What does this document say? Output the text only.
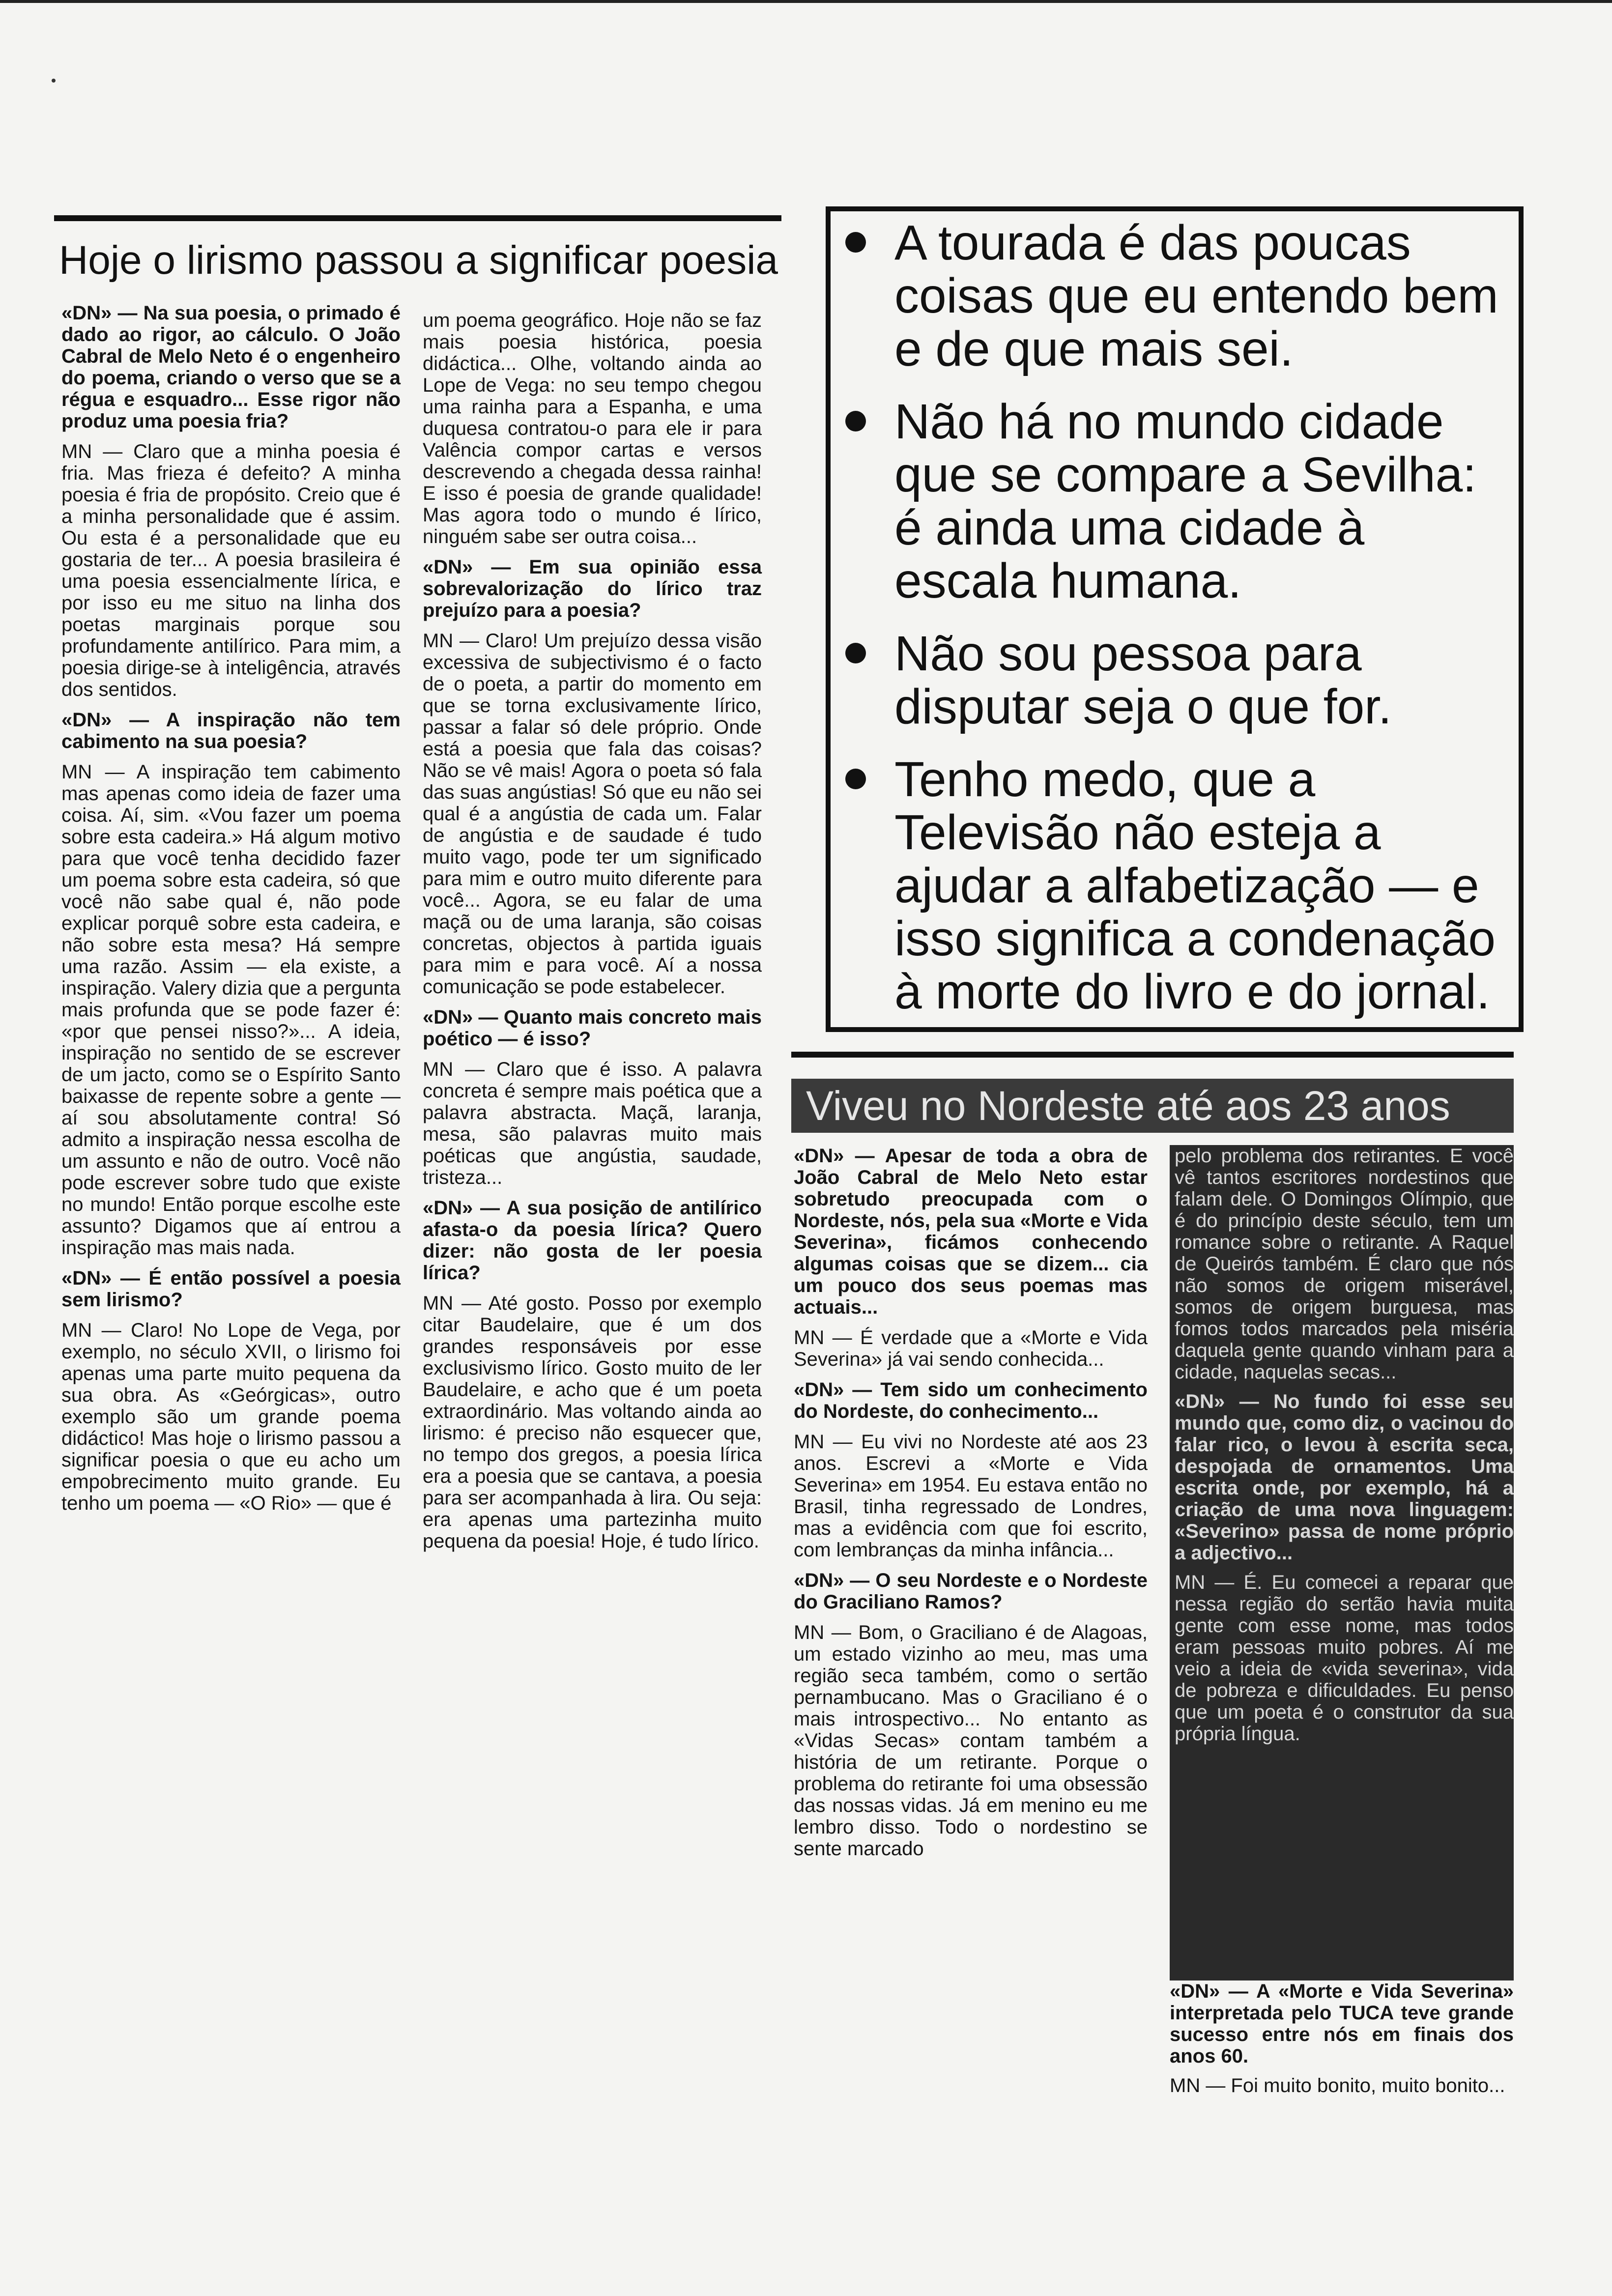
Hoje o lirismo passou a significar poesia

«DN» — Na sua poesia, o primado é dado ao rigor, ao cálculo. O João Cabral de Melo Neto é o engenheiro do poema, criando o verso que se a régua e esquadro... Esse rigor não produz uma poesia fria?

MN — Claro que a minha poesia é fria. Mas frieza é defeito? A minha poesia é fria de propósito. Creio que é a minha personalidade que é assim. Ou esta é a personalidade que eu gostaria de ter... A poesia brasileira é uma poesia essencialmente lírica, e por isso eu me situo na linha dos poetas marginais porque sou profundamente antilírico. Para mim, a poesia dirige-se à inteligência, através dos sentidos.

«DN» — A inspiração não tem cabimento na sua poesia?

MN — A inspiração tem cabimento mas apenas como ideia de fazer uma coisa. Aí, sim. «Vou fazer um poema sobre esta cadeira.» Há algum motivo para que você tenha decidido fazer um poema sobre esta cadeira, só que você não sabe qual é, não pode explicar porquê sobre esta cadeira, e não sobre esta mesa? Há sempre uma razão. Assim — ela existe, a inspiração. Valery dizia que a pergunta mais profunda que se pode fazer é: «por que pensei nisso?»... A ideia, inspiração no sentido de se escrever de um jacto, como se o Espírito Santo baixasse de repente sobre a gente — aí sou absolutamente contra! Só admito a inspiração nessa escolha de um assunto e não de outro. Você não pode escrever sobre tudo que existe no mundo! Então porque escolhe este assunto? Digamos que aí entrou a inspiração mas mais nada.

«DN» — É então possível a poesia sem lirismo?

MN — Claro! No Lope de Vega, por exemplo, no século XVII, o lirismo foi apenas uma parte muito pequena da sua obra. As «Geórgicas», outro exemplo são um grande poema didáctico! Mas hoje o lirismo passou a significar poesia o que eu acho um empobrecimento muito grande. Eu tenho um poema — «O Rio» — que é

um poema geográfico. Hoje não se faz mais poesia histórica, poesia didáctica... Olhe, voltando ainda ao Lope de Vega: no seu tempo chegou uma rainha para a Espanha, e uma duquesa contratou-o para ele ir para Valência compor cartas e versos descrevendo a chegada dessa rainha! E isso é poesia de grande qualidade! Mas agora todo o mundo é lírico, ninguém sabe ser outra coisa...

«DN» — Em sua opinião essa sobrevalorização do lírico traz prejuízo para a poesia?

MN — Claro! Um prejuízo dessa visão excessiva de subjectivismo é o facto de o poeta, a partir do momento em que se torna exclusivamente lírico, passar a falar só dele próprio. Onde está a poesia que fala das coisas? Não se vê mais! Agora o poeta só fala das suas angústias! Só que eu não sei qual é a angústia de cada um. Falar de angústia e de saudade é tudo muito vago, pode ter um significado para mim e outro muito diferente para você... Agora, se eu falar de uma maçã ou de uma laranja, são coisas concretas, objectos à partida iguais para mim e para você. Aí a nossa comunicação se pode estabelecer.

«DN» — Quanto mais concreto mais poético — é isso?

MN — Claro que é isso. A palavra concreta é sempre mais poética que a palavra abstracta. Maçã, laranja, mesa, são palavras muito mais poéticas que angústia, saudade, tristeza...

«DN» — A sua posição de antilírico afasta-o da poesia lírica? Quero dizer: não gosta de ler poesia lírica?

MN — Até gosto. Posso por exemplo citar Baudelaire, que é um dos grandes responsáveis por esse exclusivismo lírico. Gosto muito de ler Baudelaire, e acho que é um poeta extraordinário. Mas voltando ainda ao lirismo: é preciso não esquecer que, no tempo dos gregos, a poesia lírica era a poesia que se cantava, a poesia para ser acompanhada à lira. Ou seja: era apenas uma partezinha muito pequena da poesia! Hoje, é tudo lírico.

A tourada é das poucas coisas que eu entendo bem e de que mais sei.
Não há no mundo cidade que se compare a Sevilha: é ainda uma cidade à escala humana.
Não sou pessoa para disputar seja o que for.
Tenho medo, que a Televisão não esteja a ajudar a alfabetização — e isso significa a condenação à morte do livro e do jornal.
Viveu no Nordeste até aos 23 anos

«DN» — Apesar de toda a obra de João Cabral de Melo Neto estar sobretudo preocupada com o Nordeste, nós, pela sua «Morte e Vida Severina», ficámos conhecendo algumas coisas que se dizem... cia um pouco dos seus poemas mas actuais...

MN — É verdade que a «Morte e Vida Severina» já vai sendo conhecida...

«DN» — Tem sido um conhecimento do Nordeste, do conhecimento...

MN — Eu vivi no Nordeste até aos 23 anos. Escrevi a «Morte e Vida Severina» em 1954. Eu estava então no Brasil, tinha regressado de Londres, mas a evidência com que foi escrito, com lembranças da minha infância...

«DN» — O seu Nordeste e o Nordeste do Graciliano Ramos?

MN — Bom, o Graciliano é de Alagoas, um estado vizinho ao meu, mas uma região seca também, como o sertão pernambucano. Mas o Graciliano é o mais introspectivo... No entanto as «Vidas Secas» contam também a história de um retirante. Porque o problema do retirante foi uma obsessão das nossas vidas. Já em menino eu me lembro disso. Todo o nordestino se sente marcado

pelo problema dos retirantes. E você vê tantos escritores nordestinos que falam dele. O Domingos Olímpio, que é do princípio deste século, tem um romance sobre o retirante. A Raquel de Queirós também. É claro que nós não somos de origem miserável, somos de origem burguesa, mas fomos todos marcados pela miséria daquela gente quando vinham para a cidade, naquelas secas...

«DN» — No fundo foi esse seu mundo que, como diz, o vacinou do falar rico, o levou à escrita seca, despojada de ornamentos. Uma escrita onde, por exemplo, há a criação de uma nova linguagem: «Severino» passa de nome próprio a adjectivo...

MN — É. Eu comecei a reparar que nessa região do sertão havia muita gente com esse nome, mas todos eram pessoas muito pobres. Aí me veio a ideia de «vida severina», vida de pobreza e dificuldades. Eu penso que um poeta é o construtor da sua própria língua.

«DN» — A «Morte e Vida Severina» interpretada pelo TUCA teve grande sucesso entre nós em finais dos anos 60.

MN — Foi muito bonito, muito bonito...
